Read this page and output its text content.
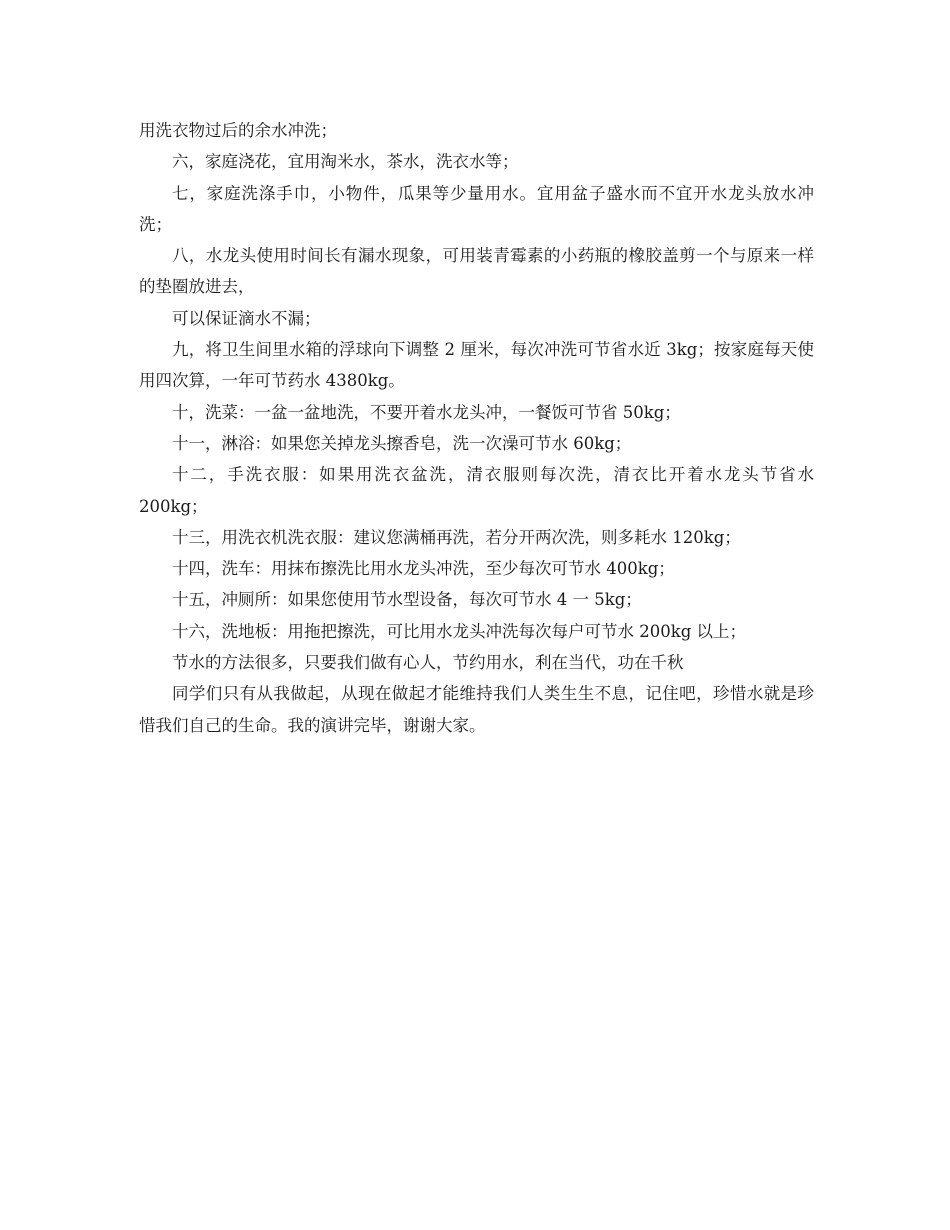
用洗衣物过后的余水冲洗；

六，家庭浇花，宜用淘米水，茶水，洗衣水等；

七，家庭洗涤手巾，小物件，瓜果等少量用水。宜用盆子盛水而不宜开水龙头放水冲洗；

八，水龙头使用时间长有漏水现象，可用装青霉素的小药瓶的橡胶盖剪一个与原来一样的垫圈放进去，

可以保证滴水不漏；

九，将卫生间里水箱的浮球向下调整 2 厘米，每次冲洗可节省水近 3kg；按家庭每天使用四次算，一年可节药水 4380kg。

十，洗菜：一盆一盆地洗，不要开着水龙头冲，一餐饭可节省 50kg；

十一，淋浴：如果您关掉龙头擦香皂，洗一次澡可节水 60kg；

十二，手洗衣服：如果用洗衣盆洗，清衣服则每次洗，清衣比开着水龙头节省水 200kg；

十三，用洗衣机洗衣服：建议您满桶再洗，若分开两次洗，则多耗水 120kg；

十四，洗车：用抹布擦洗比用水龙头冲洗，至少每次可节水 400kg；

十五，冲厕所：如果您使用节水型设备，每次可节水 4 一 5kg；

十六，洗地板：用拖把擦洗，可比用水龙头冲洗每次每户可节水 200kg 以上；

节水的方法很多，只要我们做有心人，节约用水，利在当代，功在千秋

同学们只有从我做起，从现在做起才能维持我们人类生生不息，记住吧，珍惜水就是珍惜我们自己的生命。我的演讲完毕，谢谢大家。
